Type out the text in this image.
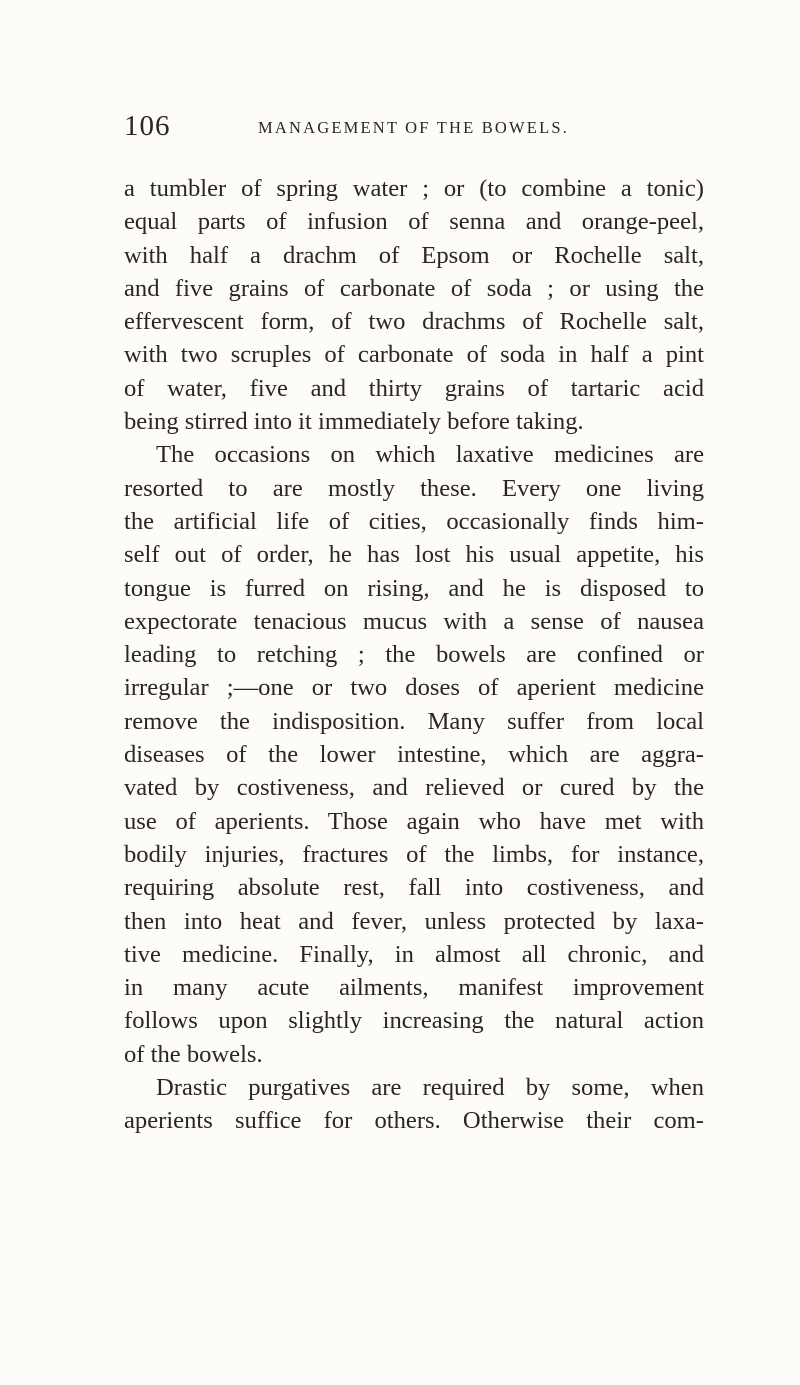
106	MANAGEMENT OF THE BOWELS.
a tumbler of spring water ; or (to combine a tonic)
equal parts of infusion of senna and orange-peel,
with half a drachm of Epsom or Rochelle salt,
and five grains of carbonate of soda ; or using the
effervescent form, of two drachms of Rochelle salt,
with two scruples of carbonate of soda in half a pint
of water, five and thirty grains of tartaric acid
being stirred into it immediately before taking.
The occasions on which laxative medicines are
resorted to are mostly these. Every one living
the artificial life of cities, occasionally finds him-
self out of order, he has lost his usual appetite, his
tongue is furred on rising, and he is disposed to
expectorate tenacious mucus with a sense of nausea
leading to retching ; the bowels are confined or
irregular ;—one or two doses of aperient medicine
remove the indisposition. Many suffer from local
diseases of the lower intestine, which are aggra-
vated by costiveness, and relieved or cured by the
use of aperients. Those again who have met with
bodily injuries, fractures of the limbs, for instance,
requiring absolute rest, fall into costiveness, and
then into heat and fever, unless protected by laxa-
tive medicine. Finally, in almost all chronic, and
in many acute ailments, manifest improvement
follows upon slightly increasing the natural action
of the bowels.
Drastic purgatives are required by some, when
aperients suffice for others. Otherwise their com-
